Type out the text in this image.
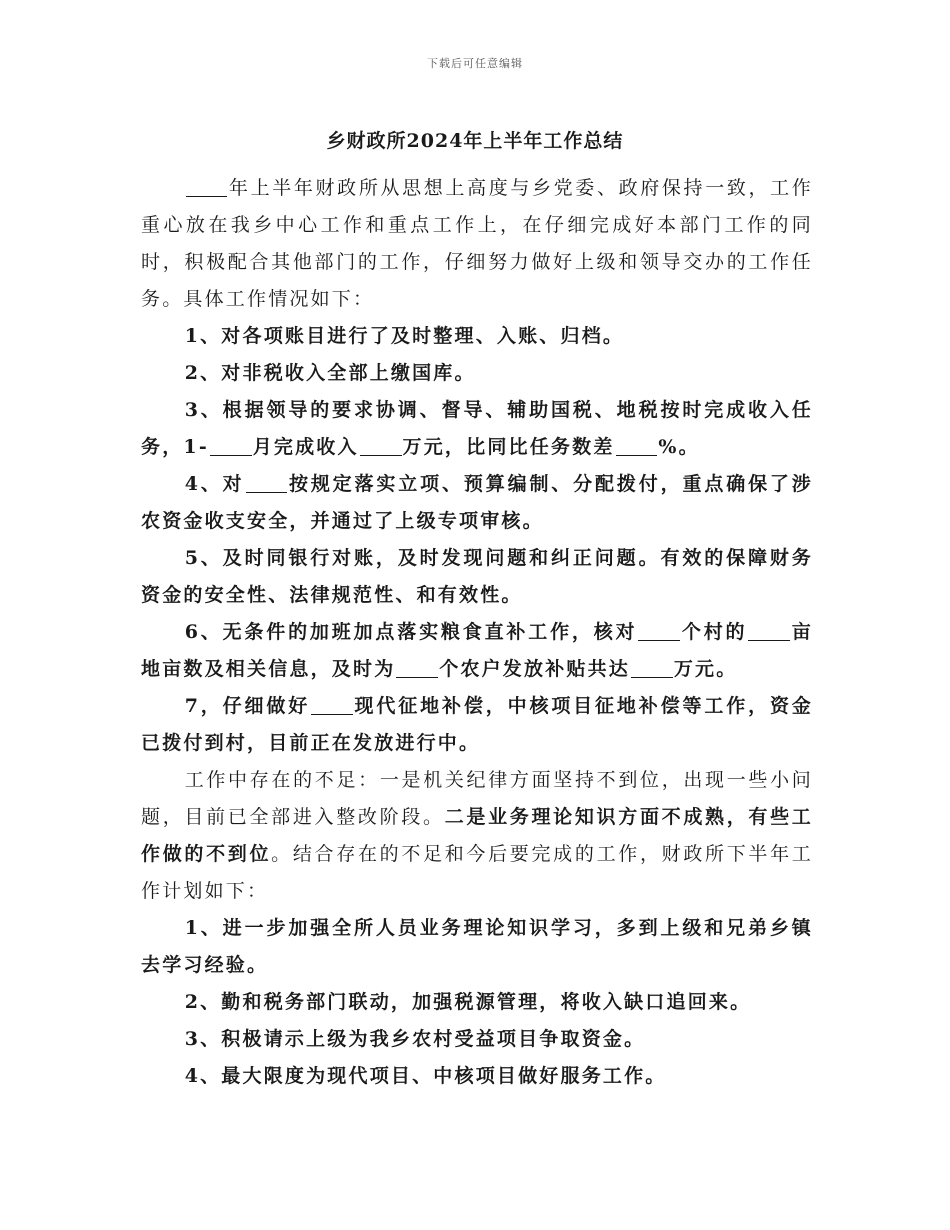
下载后可任意编辑
乡财政所2024年上半年工作总结

年上半年财政所从思想上高度与乡党委、政府保持一致，工作重心放在我乡中心工作和重点工作上，在仔细完成好本部门工作的同时，积极配合其他部门的工作，仔细努力做好上级和领导交办的工作任务。具体工作情况如下：

1、对各项账目进行了及时整理、入账、归档。

2、对非税收入全部上缴国库。

3、根据领导的要求协调、督导、辅助国税、地税按时完成收入任务，1- 月完成收入 万元，比同比任务数差 %。

4、对 按规定落实立项、预算编制、分配拨付，重点确保了涉农资金收支安全，并通过了上级专项审核。

5、及时同银行对账，及时发现问题和纠正问题。有效的保障财务资金的安全性、法律规范性、和有效性。

6、无条件的加班加点落实粮食直补工作，核对 个村的 亩地亩数及相关信息，及时为 个农户发放补贴共达 万元。

7，仔细做好 现代征地补偿，中核项目征地补偿等工作，资金已拨付到村，目前正在发放进行中。

工作中存在的不足：一是机关纪律方面坚持不到位，出现一些小问题，目前已全部进入整改阶段。二是业务理论知识方面不成熟，有些工作做的不到位。结合存在的不足和今后要完成的工作，财政所下半年工作计划如下：

1、进一步加强全所人员业务理论知识学习，多到上级和兄弟乡镇去学习经验。

2、勤和税务部门联动，加强税源管理，将收入缺口追回来。

3、积极请示上级为我乡农村受益项目争取资金。

4、最大限度为现代项目、中核项目做好服务工作。
